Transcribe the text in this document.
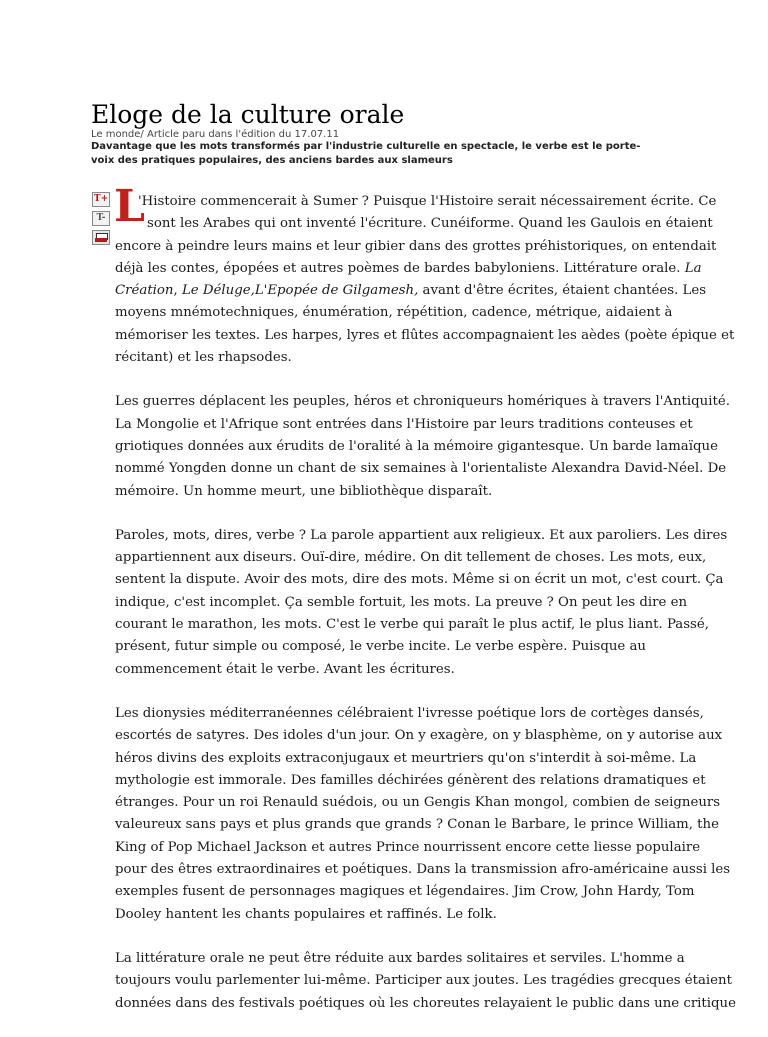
Eloge de la culture orale
Le monde/ Article paru dans l'édition du 17.07.11
Davantage que les mots transformés par l'industrie culturelle en spectacle, le verbe est le porte-
voix des pratiques populaires, des anciens bardes aux slameurs
T+
T- L

'Histoire commencerait à Sumer ? Puisque l'Histoire serait nécessairement écrite. Ce
sont les Arabes qui ont inventé l'écriture. Cunéiforme. Quand les Gaulois en étaient
encore à peindre leurs mains et leur gibier dans des grottes préhistoriques, on entendait
déjà les contes, épopées et autres poèmes de bardes babyloniens. Littérature orale. La
Création, Le Déluge,L'Epopée de Gilgamesh, avant d'être écrites, étaient chantées. Les
moyens mnémotechniques, énumération, répétition, cadence, métrique, aidaient à
mémoriser les textes. Les harpes, lyres et flûtes accompagnaient les aèdes (poète épique et
récitant) et les rhapsodes.

Les guerres déplacent les peuples, héros et chroniqueurs homériques à travers l'Antiquité.
La Mongolie et l'Afrique sont entrées dans l'Histoire par leurs traditions conteuses et
griotiques données aux érudits de l'oralité à la mémoire gigantesque. Un barde lamaïque
nommé Yongden donne un chant de six semaines à l'orientaliste Alexandra David-Néel. De
mémoire. Un homme meurt, une bibliothèque disparaît.

Paroles, mots, dires, verbe ? La parole appartient aux religieux. Et aux paroliers. Les dires
appartiennent aux diseurs. Ouï-dire, médire. On dit tellement de choses. Les mots, eux,
sentent la dispute. Avoir des mots, dire des mots. Même si on écrit un mot, c'est court. Ça
indique, c'est incomplet. Ça semble fortuit, les mots. La preuve ? On peut les dire en
courant le marathon, les mots. C'est le verbe qui paraît le plus actif, le plus liant. Passé,
présent, futur simple ou composé, le verbe incite. Le verbe espère. Puisque au
commencement était le verbe. Avant les écritures.

Les dionysies méditerranéennes célébraient l'ivresse poétique lors de cortèges dansés,
escortés de satyres. Des idoles d'un jour. On y exagère, on y blasphème, on y autorise aux
héros divins des exploits extraconjugaux et meurtriers qu'on s'interdit à soi-même. La
mythologie est immorale. Des familles déchirées génèrent des relations dramatiques et
étranges. Pour un roi Renauld suédois, ou un Gengis Khan mongol, combien de seigneurs
valeureux sans pays et plus grands que grands ? Conan le Barbare, le prince William, the
King of Pop Michael Jackson et autres Prince nourrissent encore cette liesse populaire
pour des êtres extraordinaires et poétiques. Dans la transmission afro-américaine aussi les
exemples fusent de personnages magiques et légendaires. Jim Crow, John Hardy, Tom
Dooley hantent les chants populaires et raffinés. Le folk.

La littérature orale ne peut être réduite aux bardes solitaires et serviles. L'homme a
toujours voulu parlementer lui-même. Participer aux joutes. Les tragédies grecques étaient
données dans des festivals poétiques où les choreutes relayaient le public dans une critique
